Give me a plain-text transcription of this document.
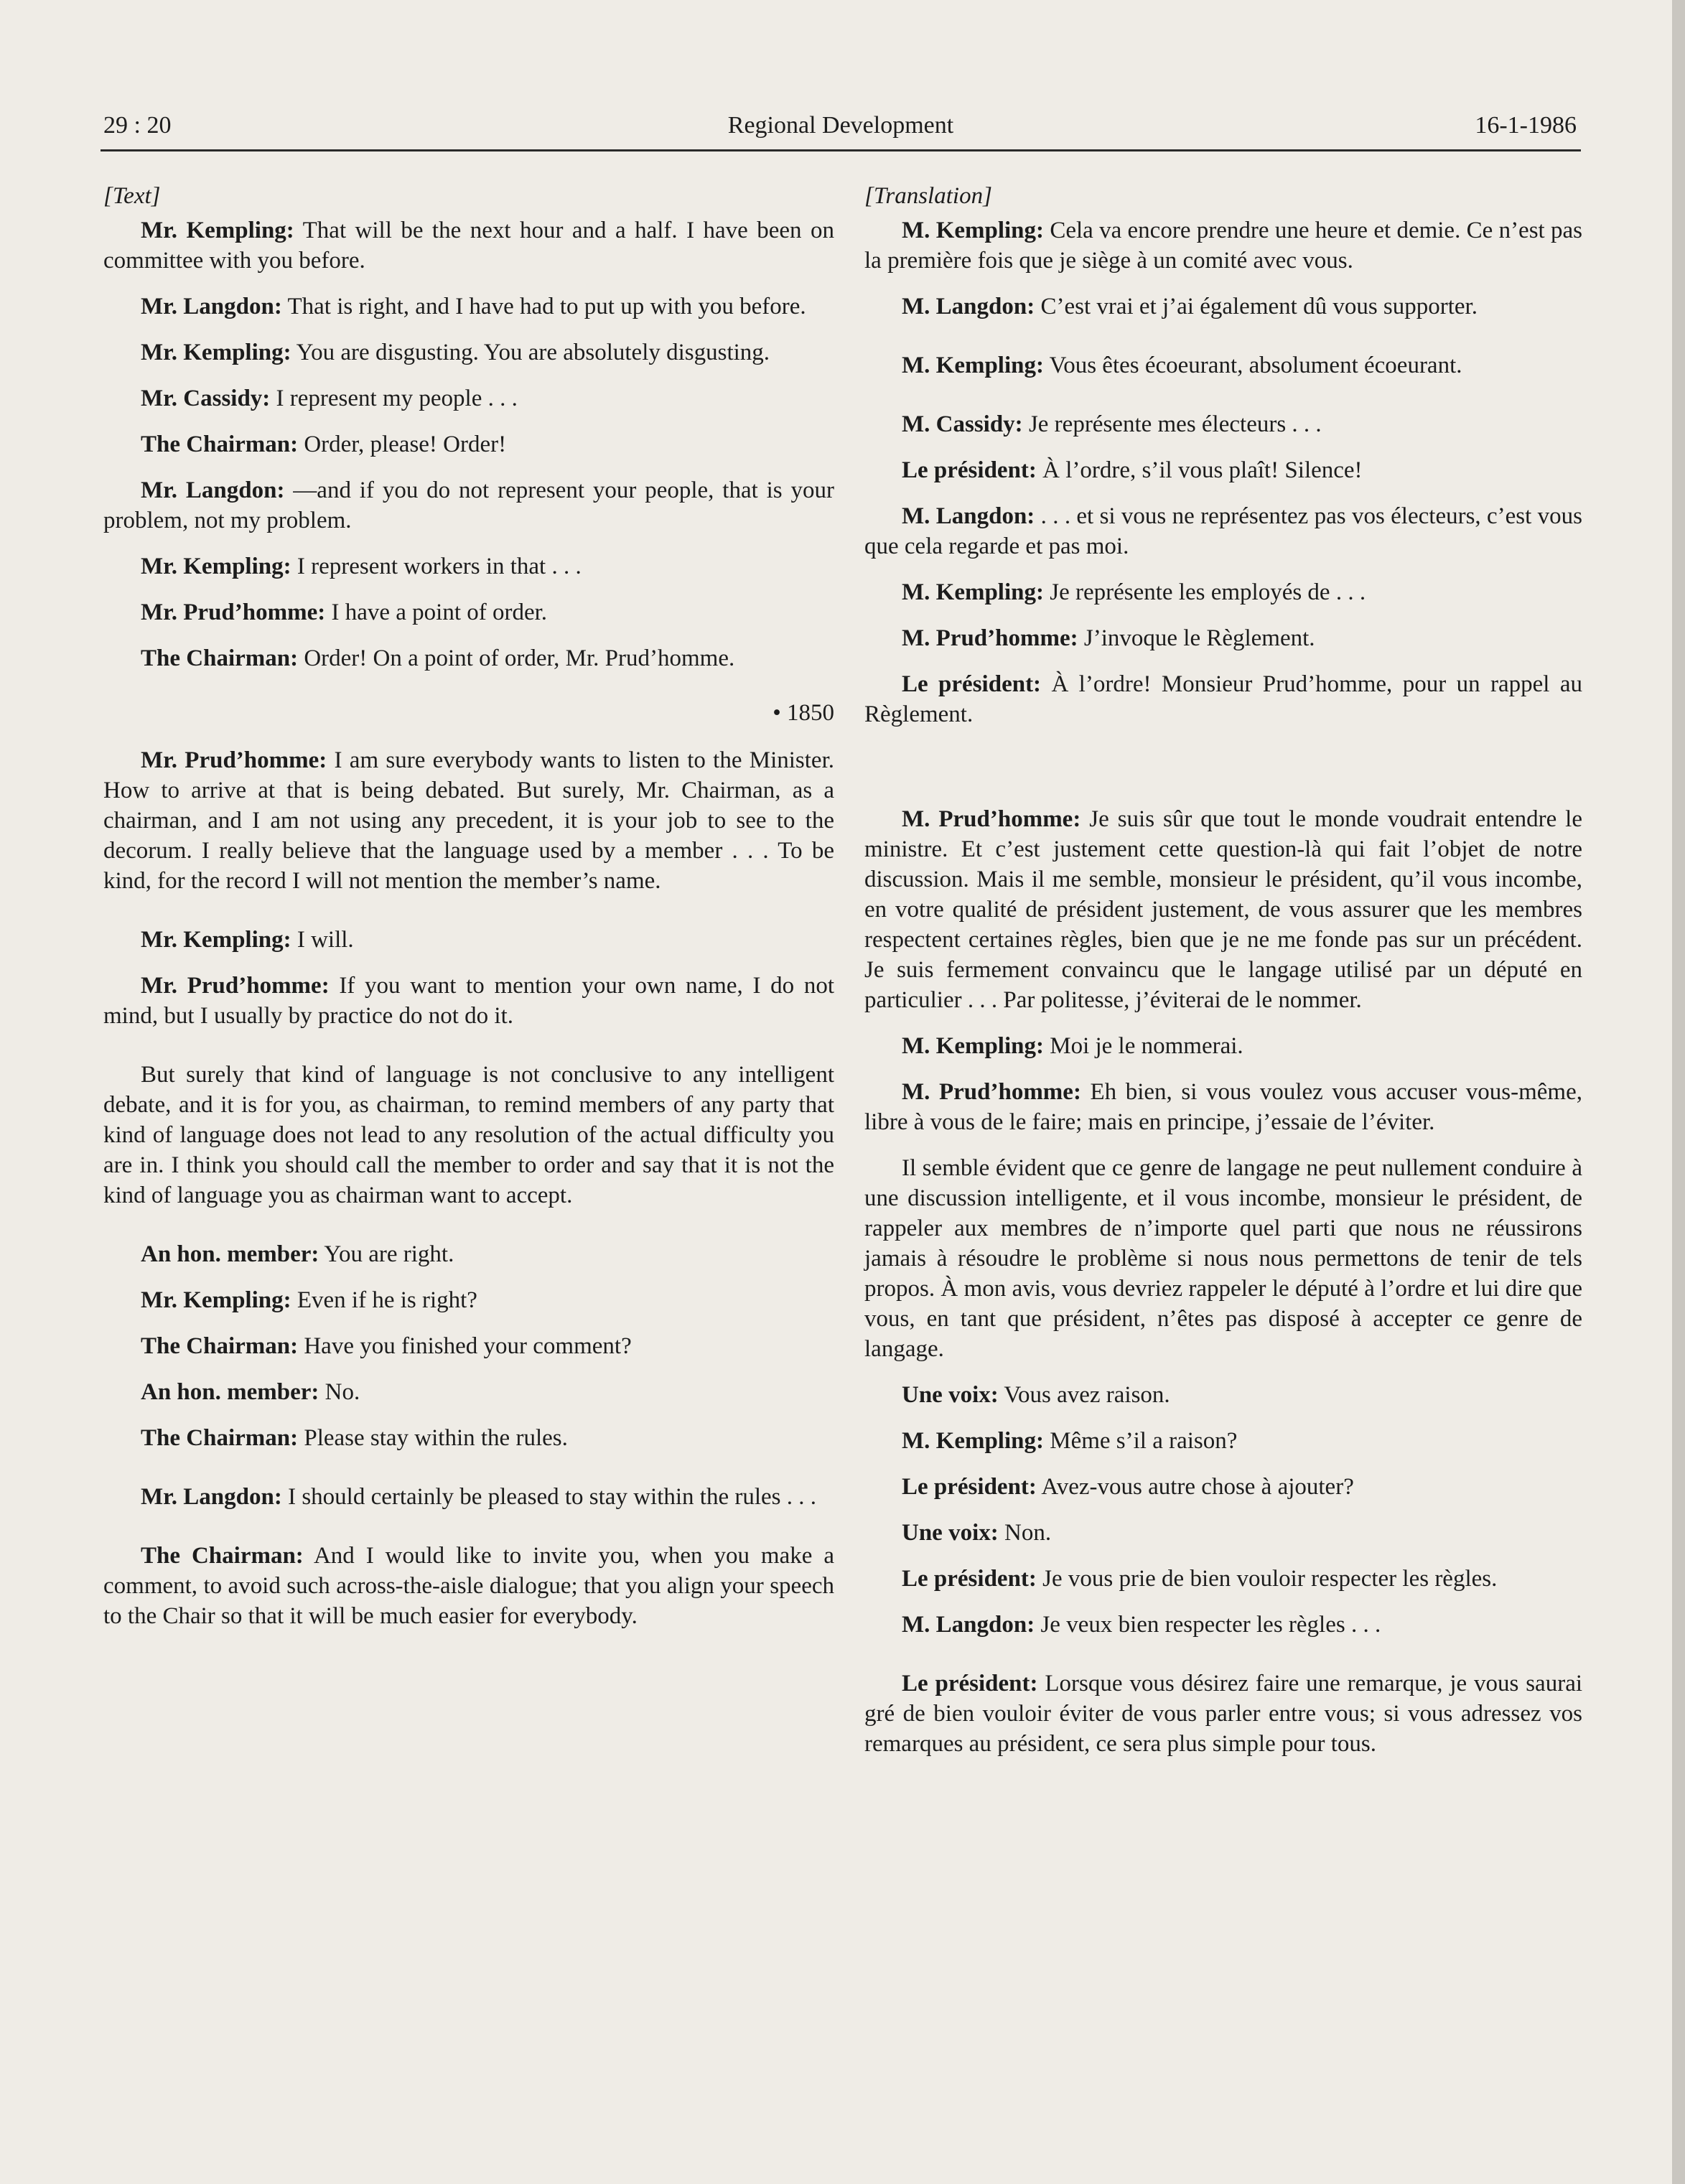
29 : 20	Regional Development	16-1-1986

[Text]

Mr. Kempling: That will be the next hour and a half. I have been on committee with you before.

Mr. Langdon: That is right, and I have had to put up with you before.

Mr. Kempling: You are disgusting. You are absolutely disgusting.

Mr. Cassidy: I represent my people . . .

The Chairman: Order, please! Order!

Mr. Langdon: —and if you do not represent your people, that is your problem, not my problem.

Mr. Kempling: I represent workers in that . . .

Mr. Prud’homme: I have a point of order.

The Chairman: Order! On a point of order, Mr. Prud’homme.

• 1850

Mr. Prud’homme: I am sure everybody wants to listen to the Minister. How to arrive at that is being debated. But surely, Mr. Chairman, as a chairman, and I am not using any precedent, it is your job to see to the decorum. I really believe that the language used by a member . . . To be kind, for the record I will not mention the member’s name.

Mr. Kempling: I will.

Mr. Prud’homme: If you want to mention your own name, I do not mind, but I usually by practice do not do it.

But surely that kind of language is not conclusive to any intelligent debate, and it is for you, as chairman, to remind members of any party that kind of language does not lead to any resolution of the actual difficulty you are in. I think you should call the member to order and say that it is not the kind of language you as chairman want to accept.

An hon. member: You are right.

Mr. Kempling: Even if he is right?

The Chairman: Have you finished your comment?

An hon. member: No.

The Chairman: Please stay within the rules.

Mr. Langdon: I should certainly be pleased to stay within the rules . . .

The Chairman: And I would like to invite you, when you make a comment, to avoid such across-the-aisle dialogue; that you align your speech to the Chair so that it will be much easier for everybody.

[Translation]

M. Kempling: Cela va encore prendre une heure et demie. Ce n’est pas la première fois que je siège à un comité avec vous.

M. Langdon: C’est vrai et j’ai également dû vous supporter.

M. Kempling: Vous êtes écoeurant, absolument écoeurant.

M. Cassidy: Je représente mes électeurs . . .

Le président: À l’ordre, s’il vous plaît! Silence!

M. Langdon: . . . et si vous ne représentez pas vos électeurs, c’est vous que cela regarde et pas moi.

M. Kempling: Je représente les employés de . . .

M. Prud’homme: J’invoque le Règlement.

Le président: À l’ordre! Monsieur Prud’homme, pour un rappel au Règlement.

M. Prud’homme: Je suis sûr que tout le monde voudrait entendre le ministre. Et c’est justement cette question-là qui fait l’objet de notre discussion. Mais il me semble, monsieur le président, qu’il vous incombe, en votre qualité de président justement, de vous assurer que les membres respectent certaines règles, bien que je ne me fonde pas sur un précédent. Je suis fermement convaincu que le langage utilisé par un député en particulier . . . Par politesse, j’éviterai de le nommer.

M. Kempling: Moi je le nommerai.

M. Prud’homme: Eh bien, si vous voulez vous accuser vous-même, libre à vous de le faire; mais en principe, j’essaie de l’éviter.

Il semble évident que ce genre de langage ne peut nullement conduire à une discussion intelligente, et il vous incombe, monsieur le président, de rappeler aux membres de n’importe quel parti que nous ne réussirons jamais à résoudre le problème si nous nous permettons de tenir de tels propos. À mon avis, vous devriez rappeler le député à l’ordre et lui dire que vous, en tant que président, n’êtes pas disposé à accepter ce genre de langage.

Une voix: Vous avez raison.

M. Kempling: Même s’il a raison?

Le président: Avez-vous autre chose à ajouter?

Une voix: Non.

Le président: Je vous prie de bien vouloir respecter les règles.

M. Langdon: Je veux bien respecter les règles . . .

Le président: Lorsque vous désirez faire une remarque, je vous saurai gré de bien vouloir éviter de vous parler entre vous; si vous adressez vos remarques au président, ce sera plus simple pour tous.
